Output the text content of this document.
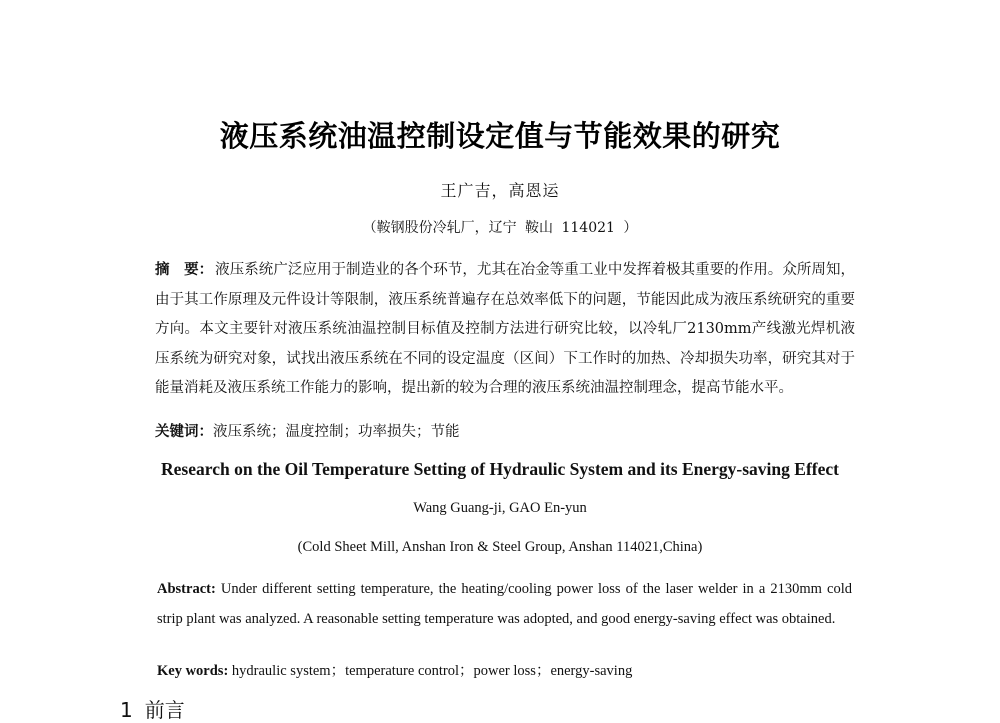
液压系统油温控制设定值与节能效果的研究
王广吉，高恩运
（鞍钢股份冷轧厂，辽宁 鞍山 114021 ）
摘　要： 液压系统广泛应用于制造业的各个环节，尤其在冶金等重工业中发挥着极其重要的作用。众所周知，由于其工作原理及元件设计等限制，液压系统普遍存在总效率低下的问题，节能因此成为液压系统研究的重要方向。本文主要针对液压系统油温控制目标值及控制方法进行研究比较，以冷轧厂2130mm产线激光焊机液压系统为研究对象，试找出液压系统在不同的设定温度（区间）下工作时的加热、冷却损失功率，研究其对于能量消耗及液压系统工作能力的影响，提出新的较为合理的液压系统油温控制理念，提高节能水平。
关键词：液压系统；温度控制；功率损失；节能
Research on the Oil Temperature Setting of Hydraulic System and its Energy-saving Effect
Wang Guang-ji, GAO En-yun
(Cold Sheet Mill, Anshan Iron & Steel Group, Anshan 114021,China)
Abstract: Under different setting temperature, the heating/cooling power loss of the laser welder in a 2130mm cold strip plant was analyzed. A reasonable setting temperature was adopted, and good energy-saving effect was obtained.
Key words: hydraulic system；temperature control；power loss；energy-saving
1 前言
